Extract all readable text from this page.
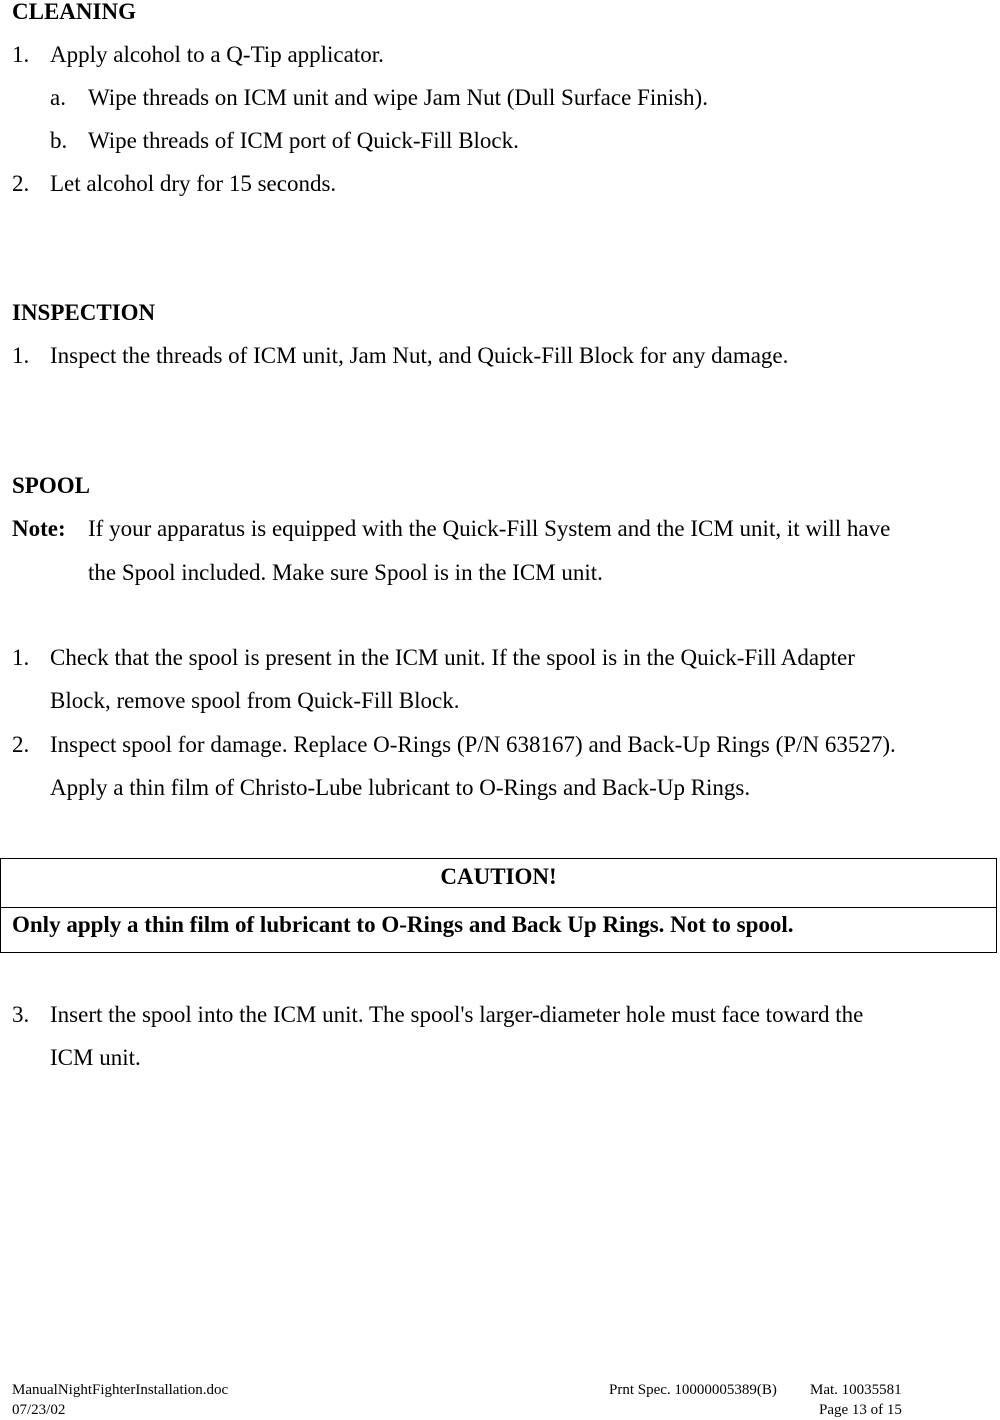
CLEANING
1. Apply alcohol to a Q-Tip applicator.
a. Wipe threads on ICM unit and wipe Jam Nut (Dull Surface Finish).
b. Wipe threads of ICM port of Quick-Fill Block.
2. Let alcohol dry for 15 seconds.
INSPECTION
1. Inspect the threads of ICM unit, Jam Nut, and Quick-Fill Block for any damage.
SPOOL
Note: If your apparatus is equipped with the Quick-Fill System and the ICM unit, it will have
the Spool included. Make sure Spool is in the ICM unit.
1. Check that the spool is present in the ICM unit. If the spool is in the Quick-Fill Adapter
Block, remove spool from Quick-Fill Block.
2. Inspect spool for damage. Replace O-Rings (P/N 638167) and Back-Up Rings (P/N 63527).
Apply a thin film of Christo-Lube lubricant to O-Rings and Back-Up Rings.
CAUTION!
Only apply a thin film of lubricant to O-Rings and Back Up Rings. Not to spool.
3. Insert the spool into the ICM unit. The spool's larger-diameter hole must face toward the
ICM unit.
ManualNightFighterInstallation.doc
07/23/02
Prnt Spec. 10000005389(B) Mat. 10035581
Page 13 of 15
